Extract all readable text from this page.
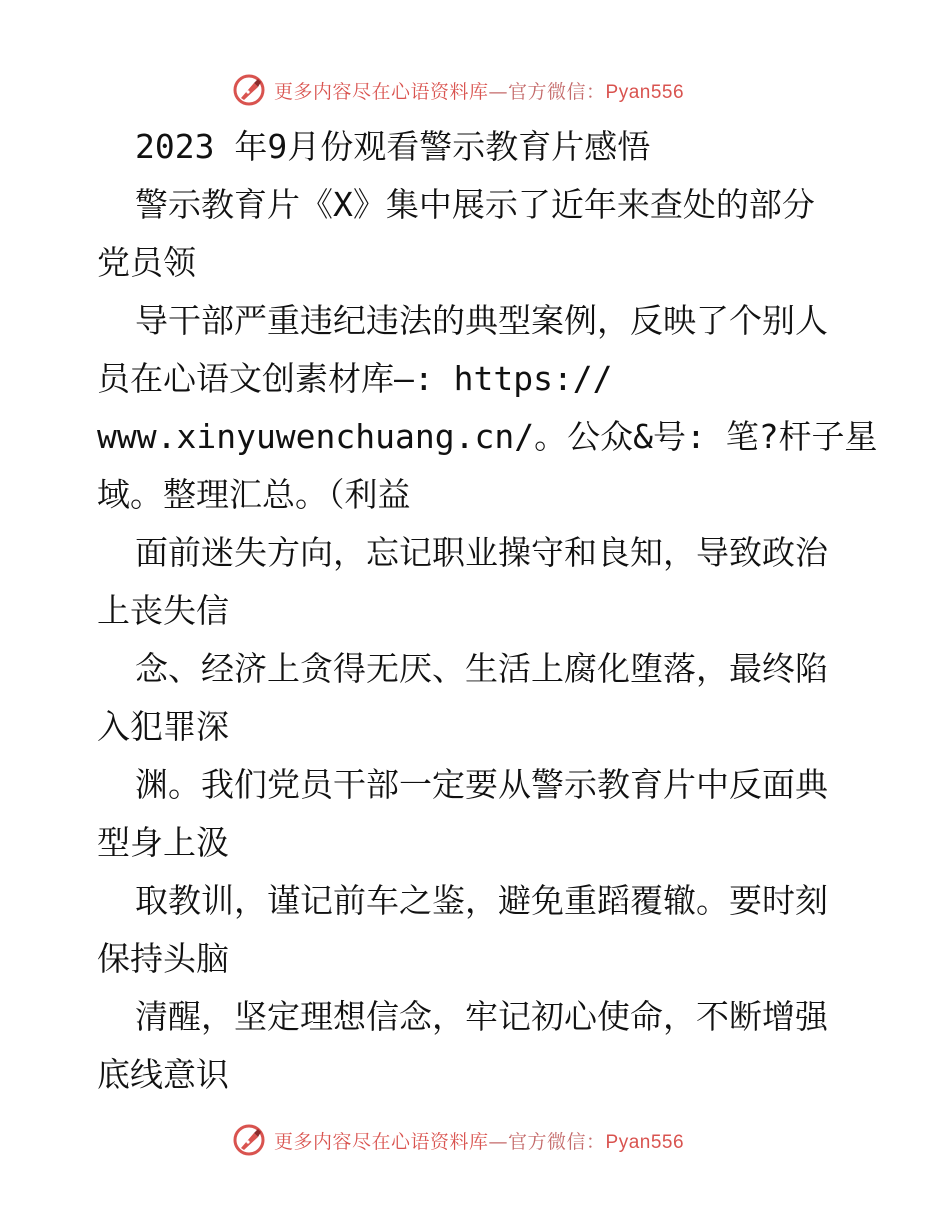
更多内容尽在心语资料库—官方微信：Pyan556
2023 年9月份观看警示教育片感悟
警示教育片《X》集中展示了近年来查处的部分
党员领
导干部严重违纪违法的典型案例，反映了个别人
员在心语文创素材库—: https://
www.xinyuwenchuang.cn/。公众&号: 笔?杆子星
域。整理汇总。（利益
面前迷失方向，忘记职业操守和良知，导致政治
上丧失信
念、经济上贪得无厌、生活上腐化堕落，最终陷
入犯罪深
渊。我们党员干部一定要从警示教育片中反面典
型身上汲
取教训，谨记前车之鉴，避免重蹈覆辙。要时刻
保持头脑
清醒，坚定理想信念，牢记初心使命，不断增强
底线意识
更多内容尽在心语资料库—官方微信：Pyan556
